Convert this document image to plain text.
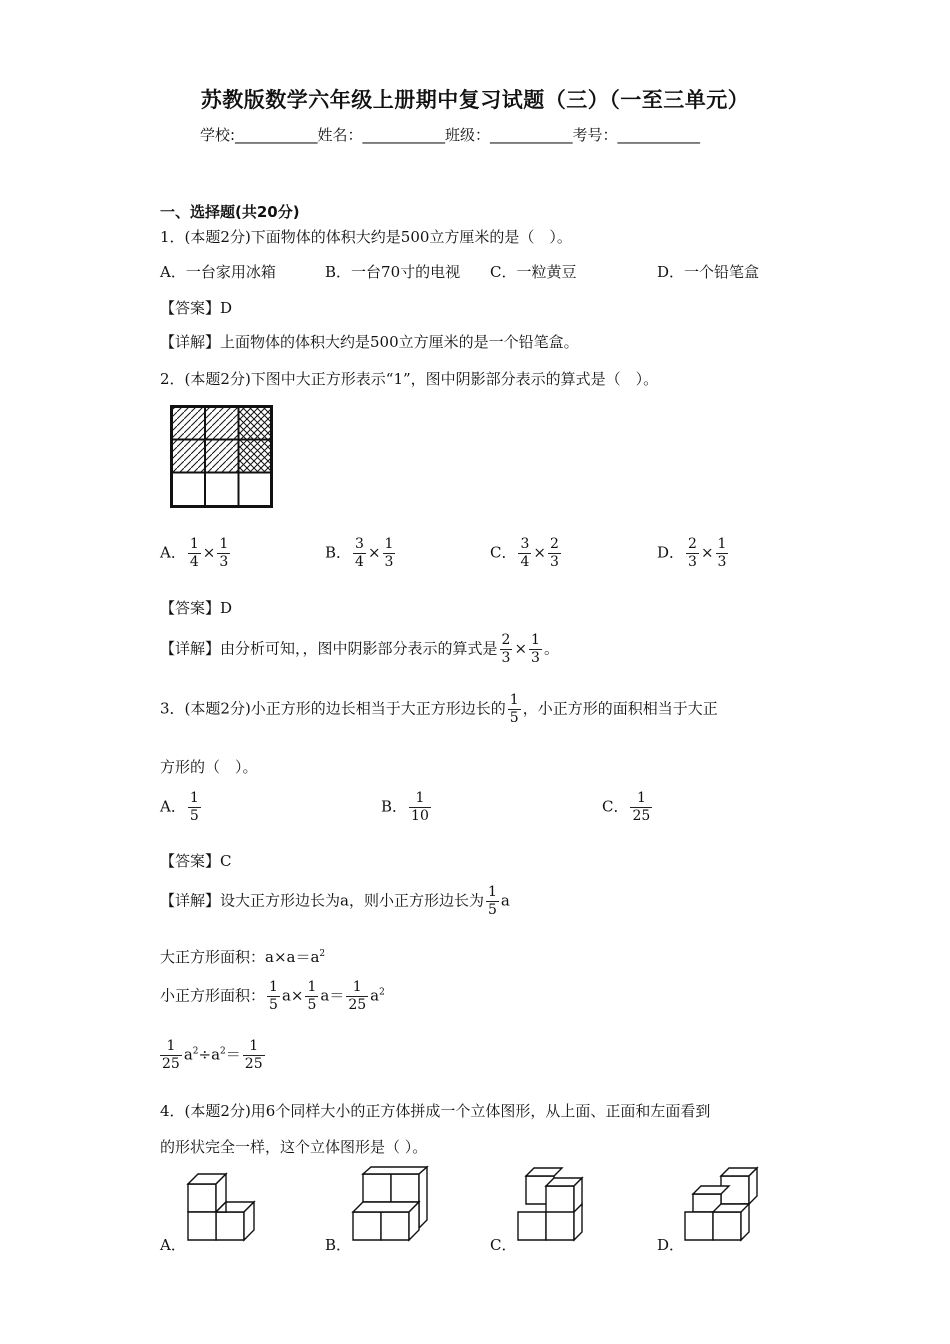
苏教版数学六年级上册期中复习试题（三）（一至三单元）
学校:___________姓名：___________班级：___________考号：___________
一、选择题(共20分)
1．(本题2分)下面物体的体积大约是500立方厘米的是（　）。
A．一台家用冰箱	B．一台70寸的电视 C．一粒黄豆	D．一个铅笔盒
【答案】D
【详解】上面物体的体积大约是500立方厘米的是一个铅笔盒。
2．(本题2分)下图中大正方形表示“1”，图中阴影部分表示的算式是（　）。
A． $\frac{1}{4} \times \frac{1}{3}$	B． $\frac{3}{4} \times \frac{1}{3}$	C． $\frac{3}{4} \times \frac{2}{3}$	D． $\frac{2}{3} \times \frac{1}{3}$
【答案】D
【详解】由分析可知，，图中阴影部分表示的算式是 $\frac{2}{3} \times \frac{1}{3}$ 。
3．(本题2分)小正方形的边长相当于大正方形边长的 $\frac{1}{5}$ ，小正方形的面积相当于大正
方形的（　）。
A． $\frac{1}{5}$	B． $\frac{1}{10}$	C． $\frac{1}{25}$
【答案】C
【详解】设大正方形边长为a，则小正方形边长为 $\frac{1}{5}$ a
大正方形面积：$a\times a=a^2$
小正方形面积： $\frac{1}{5} a\times \frac{1}{5} a= \frac{1}{25} a^2$
$\frac{1}{25} a^2\div a^2= \frac{1}{25}$
4．(本题2分)用6个同样大小的正方体拼成一个立体图形，从上面、正面和左面看到
的形状完全一样，这个立体图形是（ ）。
A．	B．	C．	D．
